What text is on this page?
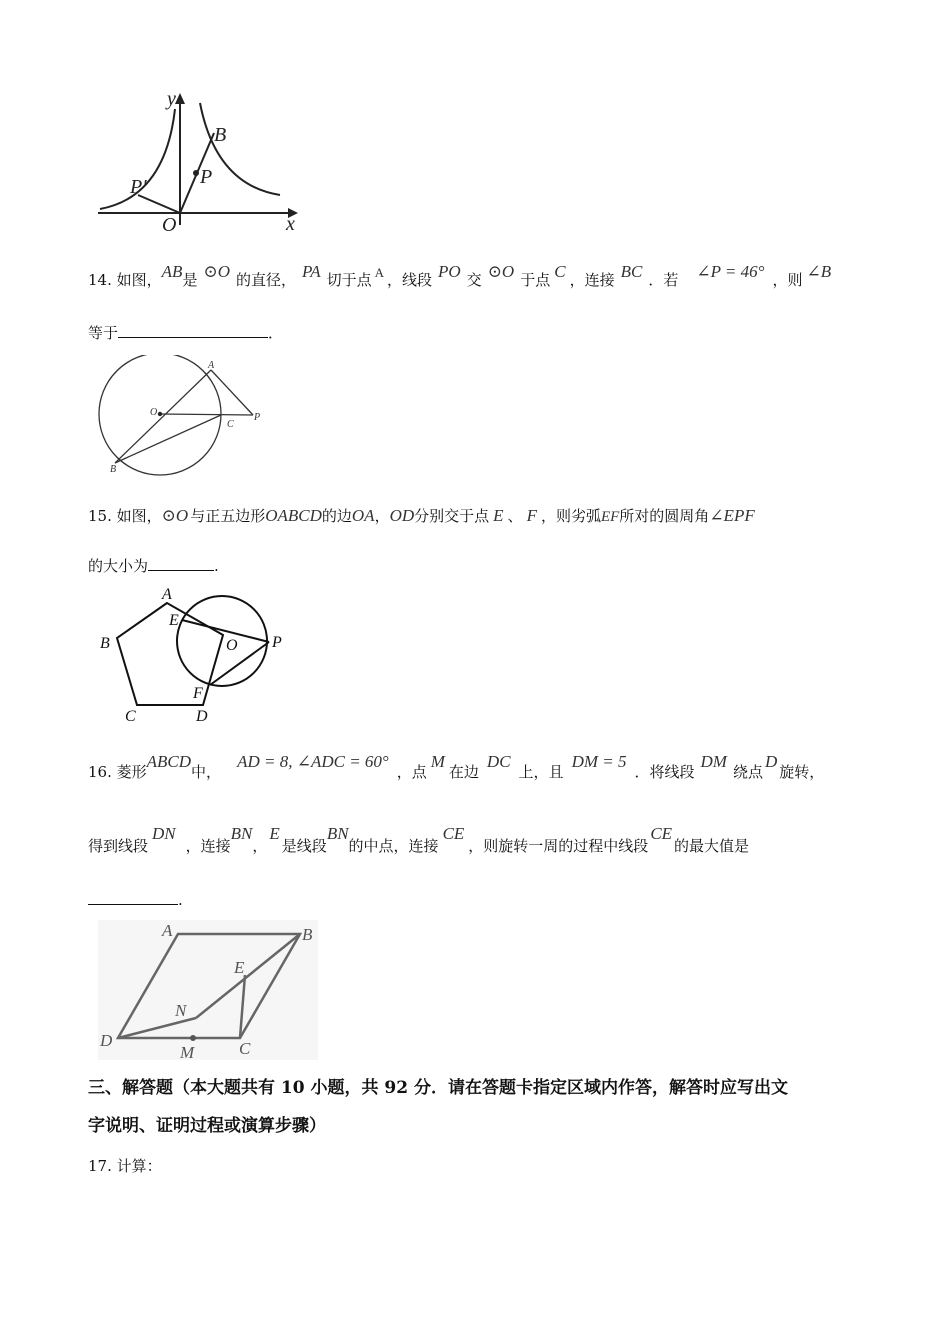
y
x
O
B
P
P′
14. 如图，AB是 ⊙O 的直径， PA 切于点 A ，线段 PO 交 ⊙O 于点 C ，连接 BC ．若 ∠P = 46° ，则 ∠B
等于	．
A
O	P
C
B
15. 如图，⊙O 与正五边形OABCD的边OA，OD分别交于点 E 、 F ，则劣弧EF所对的圆周角∠EPF
的大小为	.
A
B
C	D
E
F
O P
16. 菱形ABCD中，AD = 8, ∠ADC = 60°，点M在边DC上，且DM = 5．将线段DM绕点D旋转，
得到线段DN，连接BN，E是线段BN的中点，连接CE，则旋转一周的过程中线段CE的最大值是
.
A	B
C
D
E
N
M
三、解答题（本大题共有 10 小题，共 92 分．请在答题卡指定区域内作答，解答时应写出文
字说明、证明过程或演算步骤）
17. 计算：
